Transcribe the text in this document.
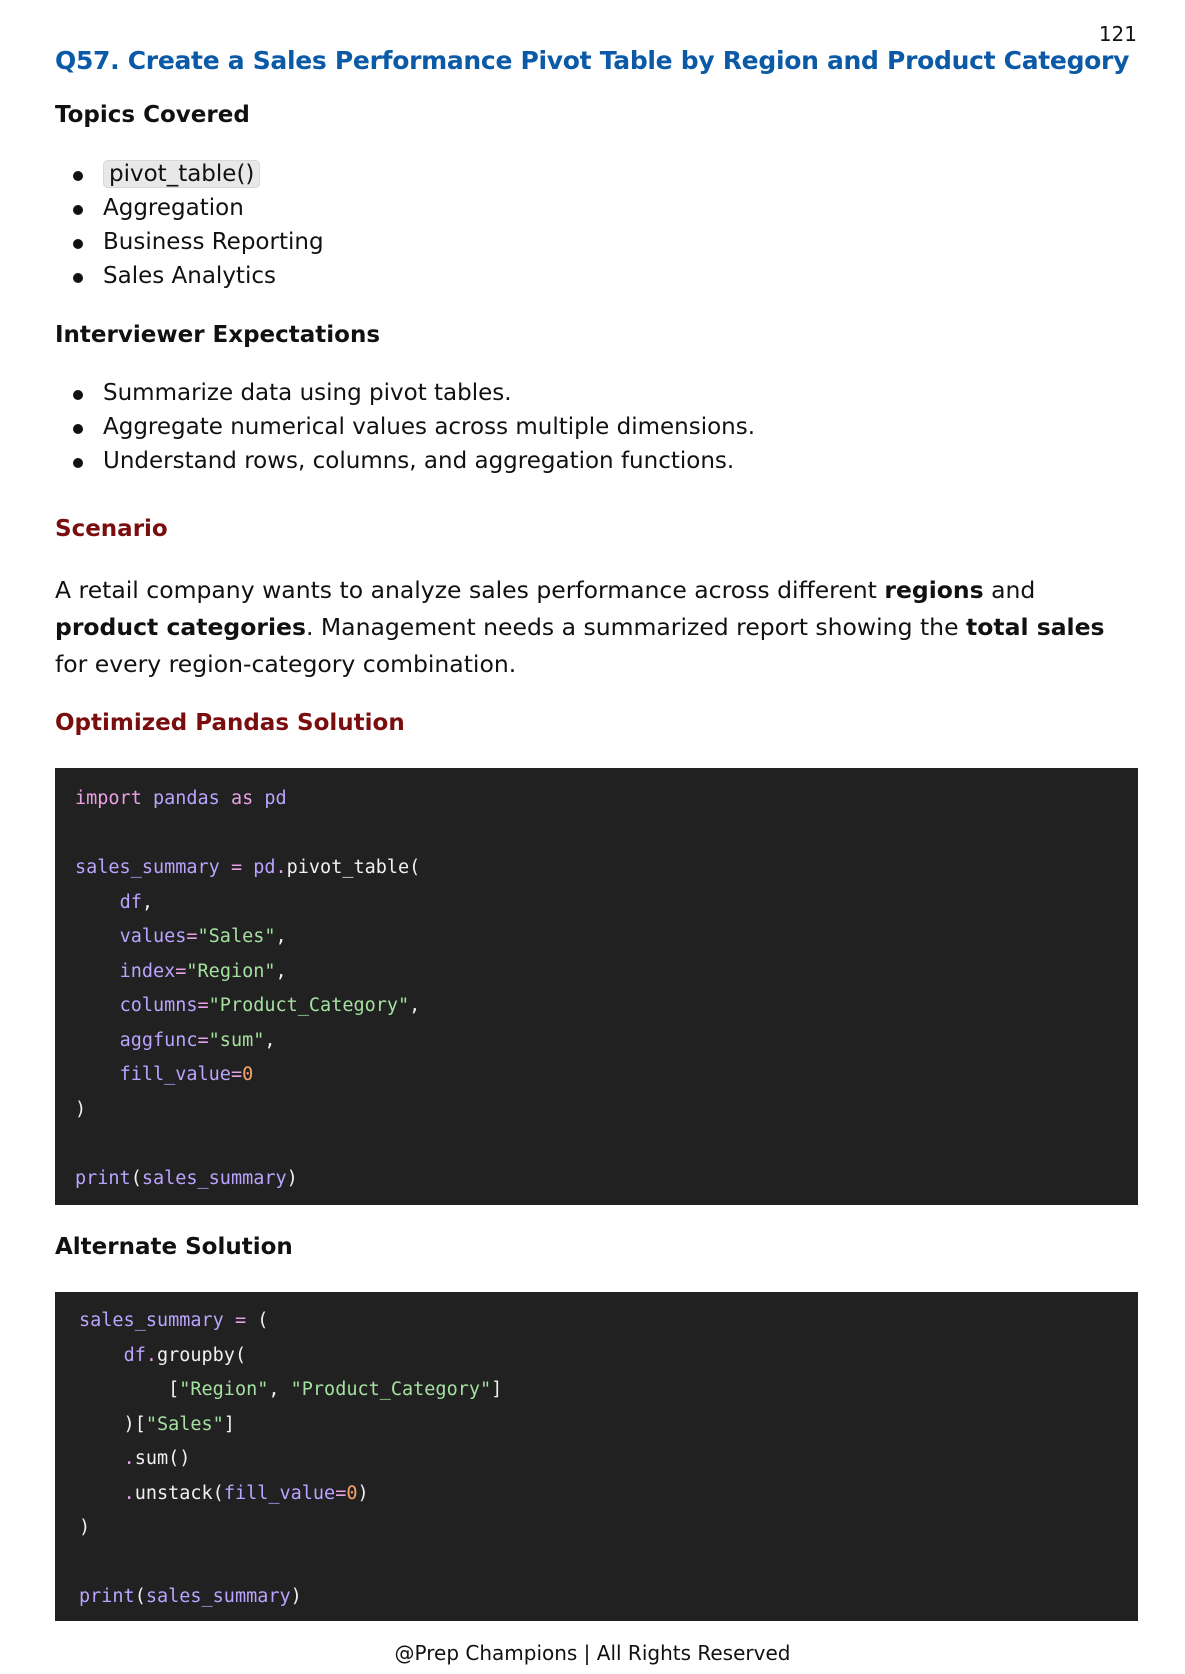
121
Q57. Create a Sales Performance Pivot Table by Region and Product Category
Topics Covered
pivot_table()
Aggregation
Business Reporting
Sales Analytics
Interviewer Expectations
Summarize data using pivot tables.
Aggregate numerical values across multiple dimensions.
Understand rows, columns, and aggregation functions.
Scenario

A retail company wants to analyze sales performance across different regions and product categories. Management needs a summarized report showing the total sales for every region-category combination.

Optimized Pandas Solution
import pandas as pd
sales_summary = pd.pivot_table(
df,
values="Sales",
index="Region",
columns="Product_Category",
aggfunc="sum",
fill_value=0
)
print(sales_summary)
Alternate Solution
sales_summary = (
df.groupby(
["Region", "Product_Category"]
)["Sales"]
.sum()
.unstack(fill_value=0)
)
print(sales_summary)
@Prep Champions | All Rights Reserved
